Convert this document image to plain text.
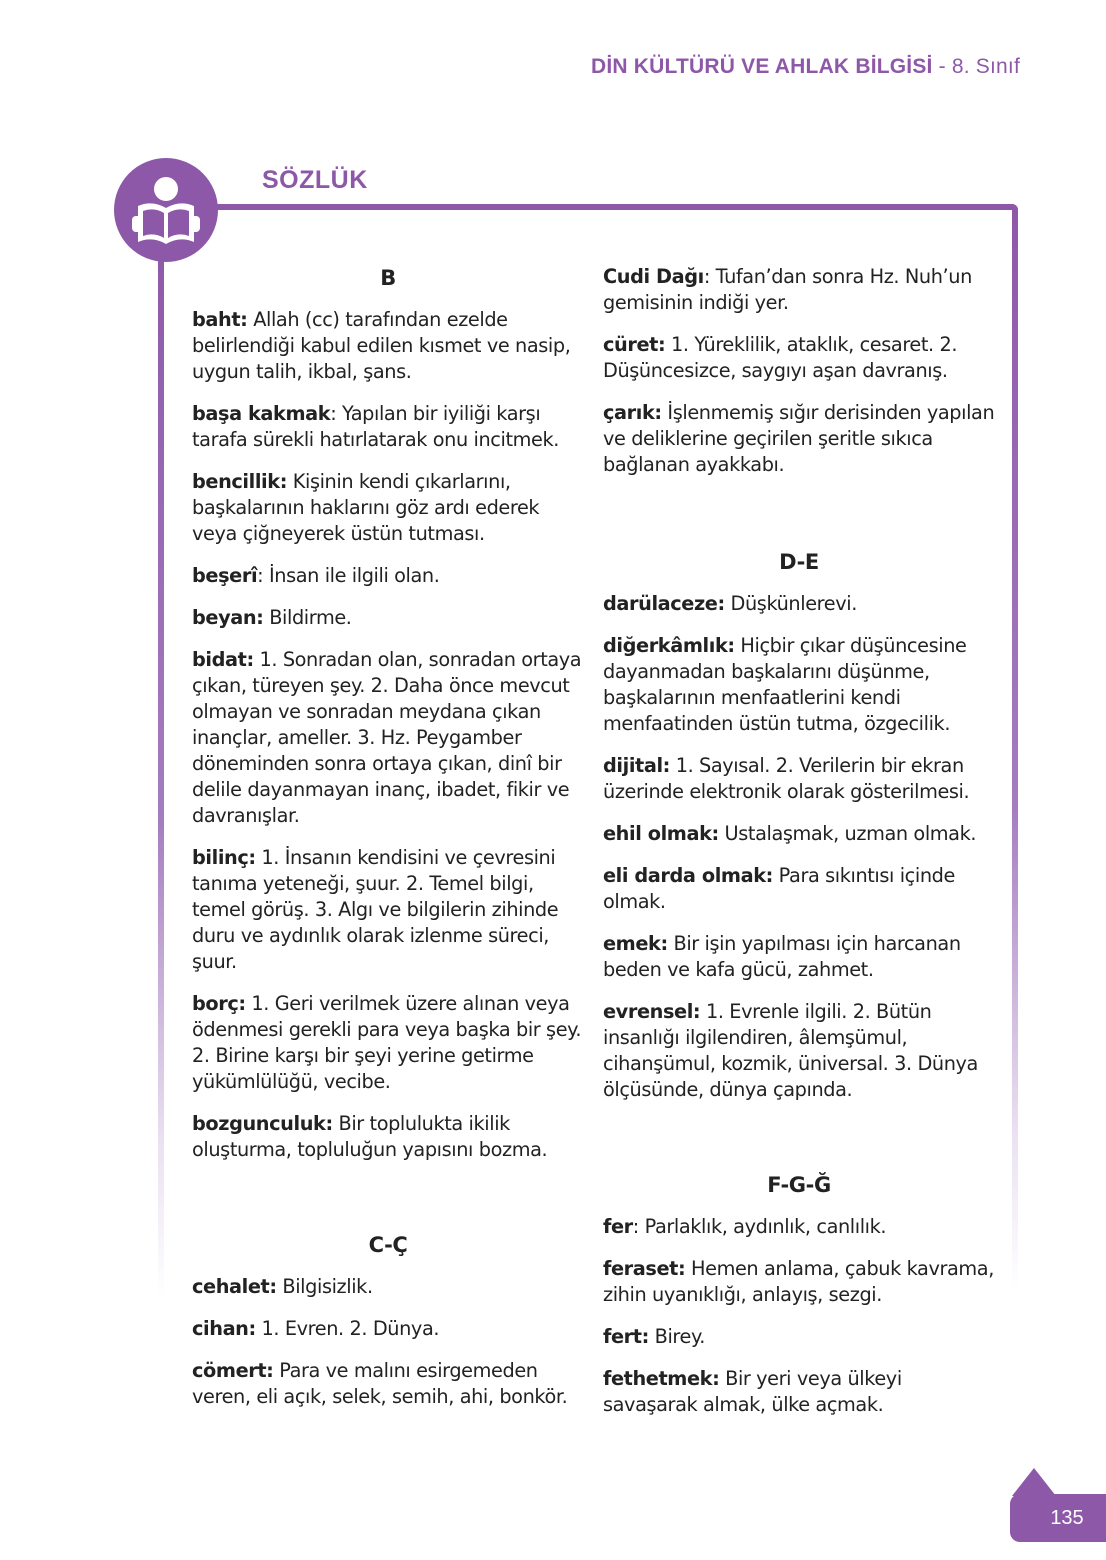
DİN KÜLTÜRÜ VE AHLAK BİLGİSİ - 8. Sınıf
SÖZLÜK
B

baht: Allah (cc) tarafından ezelde belirlendiği kabul edilen kısmet ve nasip, uygun talih, ikbal, şans.

başa kakmak: Yapılan bir iyiliği karşı tarafa sürekli hatırlatarak onu incitmek.

bencillik: Kişinin kendi çıkarlarını, başkalarının haklarını göz ardı ederek veya çiğneyerek üstün tutması.

beşerî: İnsan ile ilgili olan.

beyan: Bildirme.

bidat: 1. Sonradan olan, sonradan ortaya çıkan, türeyen şey. 2. Daha önce mevcut olmayan ve sonradan meydana çıkan inançlar, ameller. 3. Hz. Peygamber döneminden sonra ortaya çıkan, dinî bir delile dayanmayan inanç, ibadet, fikir ve davranışlar.

bilinç: 1. İnsanın kendisini ve çevresini tanıma yeteneği, şuur. 2. Temel bilgi, temel görüş. 3. Algı ve bilgilerin zihinde duru ve aydınlık olarak izlenme süreci, şuur.

borç: 1. Geri verilmek üzere alınan veya ödenmesi gerekli para veya başka bir şey. 2. Birine karşı bir şeyi yerine getirme yükümlülüğü, vecibe.

bozgunculuk: Bir toplulukta ikilik oluşturma, topluluğun yapısını bozma.

C-Ç

cehalet: Bilgisizlik.

cihan: 1. Evren. 2. Dünya.

cömert: Para ve malını esirgemeden veren, eli açık, selek, semih, ahi, bonkör.

Cudi Dağı: Tufan’dan sonra Hz. Nuh’un gemisinin indiği yer.

cüret: 1. Yüreklilik, ataklık, cesaret. 2. Düşüncesizce, saygıyı aşan davranış.

çarık: İşlenmemiş sığır derisinden yapılan ve deliklerine geçirilen şeritle sıkıca bağlanan ayakkabı.

D-E

darülaceze: Düşkünlerevi.

diğerkâmlık: Hiçbir çıkar düşüncesine dayanmadan başkalarını düşünme, başkalarının menfaatlerini kendi menfaatinden üstün tutma, özgecilik.

dijital: 1. Sayısal. 2. Verilerin bir ekran üzerinde elektronik olarak gösterilmesi.

ehil olmak: Ustalaşmak, uzman olmak.

eli darda olmak: Para sıkıntısı içinde olmak.

emek: Bir işin yapılması için harcanan beden ve kafa gücü, zahmet.

evrensel: 1. Evrenle ilgili. 2. Bütün insanlığı ilgilendiren, âlemşümul, cihanşümul, kozmik, üniversal. 3. Dünya ölçüsünde, dünya çapında.

F-G-Ğ

fer: Parlaklık, aydınlık, canlılık.

feraset: Hemen anlama, çabuk kavrama, zihin uyanıklığı, anlayış, sezgi.

fert: Birey.

fethetmek: Bir yeri veya ülkeyi savaşarak almak, ülke açmak.

135
